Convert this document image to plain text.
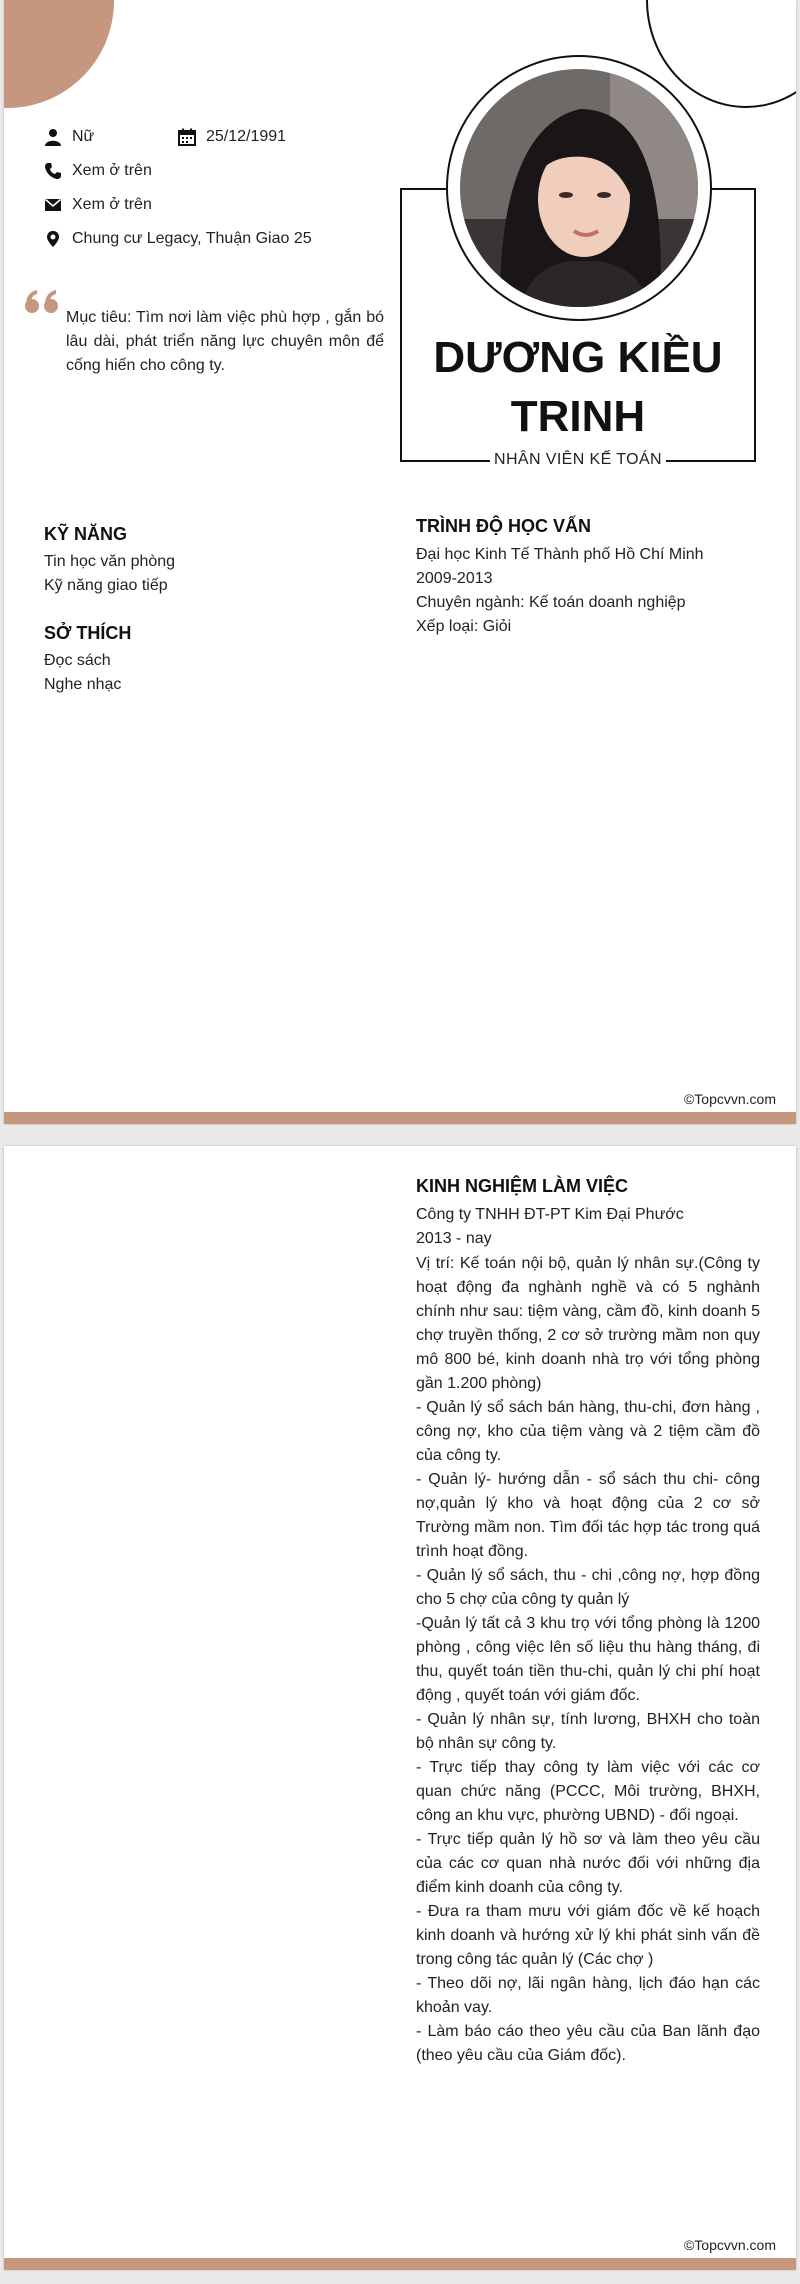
Nữ	25/12/1991
Xem ở trên
Xem ở trên
Chung cư Legacy, Thuận Giao 25
Mục tiêu: Tìm nơi làm việc phù hợp , gắn bó lâu dài, phát triển năng lực chuyên môn để cống hiến cho công ty.
NHÂN VIÊN KẾ TOÁN
DƯƠNG KIỀU
TRINH
KỸ NĂNG
Tin học văn phòng
Kỹ năng giao tiếp
SỞ THÍCH
Đọc sách
Nghe nhạc
TRÌNH ĐỘ HỌC VẤN
Đại học Kinh Tế Thành phố Hồ Chí Minh
2009-2013
Chuyên ngành: Kế toán doanh nghiệp
Xếp loại: Giỏi
©Topcvvn.com
©Topcvvn.com
KINH NGHIỆM LÀM VIỆC
Công ty TNHH ĐT-PT Kim Đại Phước
2013 - nay

Vị trí: Kế toán nội bộ, quản lý nhân sự.(Công ty hoạt động đa nghành nghề và có 5 nghành chính như sau: tiệm vàng, cầm đồ, kinh doanh 5 chợ truyền thống, 2 cơ sở trường mầm non quy mô 800 bé, kinh doanh nhà trọ với tổng phòng gần 1.200 phòng)

- Quản lý sổ sách bán hàng, thu-chi, đơn hàng , công nợ, kho của tiệm vàng và 2 tiệm cầm đồ của công ty.

- Quản lý- hướng dẫn - sổ sách thu chi- công nợ,quản lý kho và hoạt động của 2 cơ sở Trường mầm non. Tìm đối tác hợp tác trong quá trình hoạt đồng.

- Quản lý sổ sách, thu - chi ,công nợ, hợp đồng cho 5 chợ của công ty quản lý

-Quản lý tất cả 3 khu trọ với tổng phòng là 1200 phòng , công việc lên số liệu thu hàng tháng, đi thu, quyết toán tiền thu-chi, quản lý chi phí hoạt động , quyết toán với giám đốc.

- Quản lý nhân sự, tính lương, BHXH cho toàn bộ nhân sự công ty.

- Trực tiếp thay công ty làm việc với các cơ quan chức năng (PCCC, Môi trường, BHXH, công an khu vực, phường UBND) - đối ngoại.

- Trực tiếp quản lý hồ sơ và làm theo yêu cầu của các cơ quan nhà nước đối với những địa điểm kinh doanh của công ty.

- Đưa ra tham mưu với giám đốc về kế hoạch kinh doanh và hướng xử lý khi phát sinh vấn đề trong công tác quản lý (Các chợ )

- Theo dõi nợ, lãi ngân hàng, lịch đáo hạn các khoản vay.

- Làm báo cáo theo yêu cầu của Ban lãnh đạo (theo yêu cầu của Giám đốc).
